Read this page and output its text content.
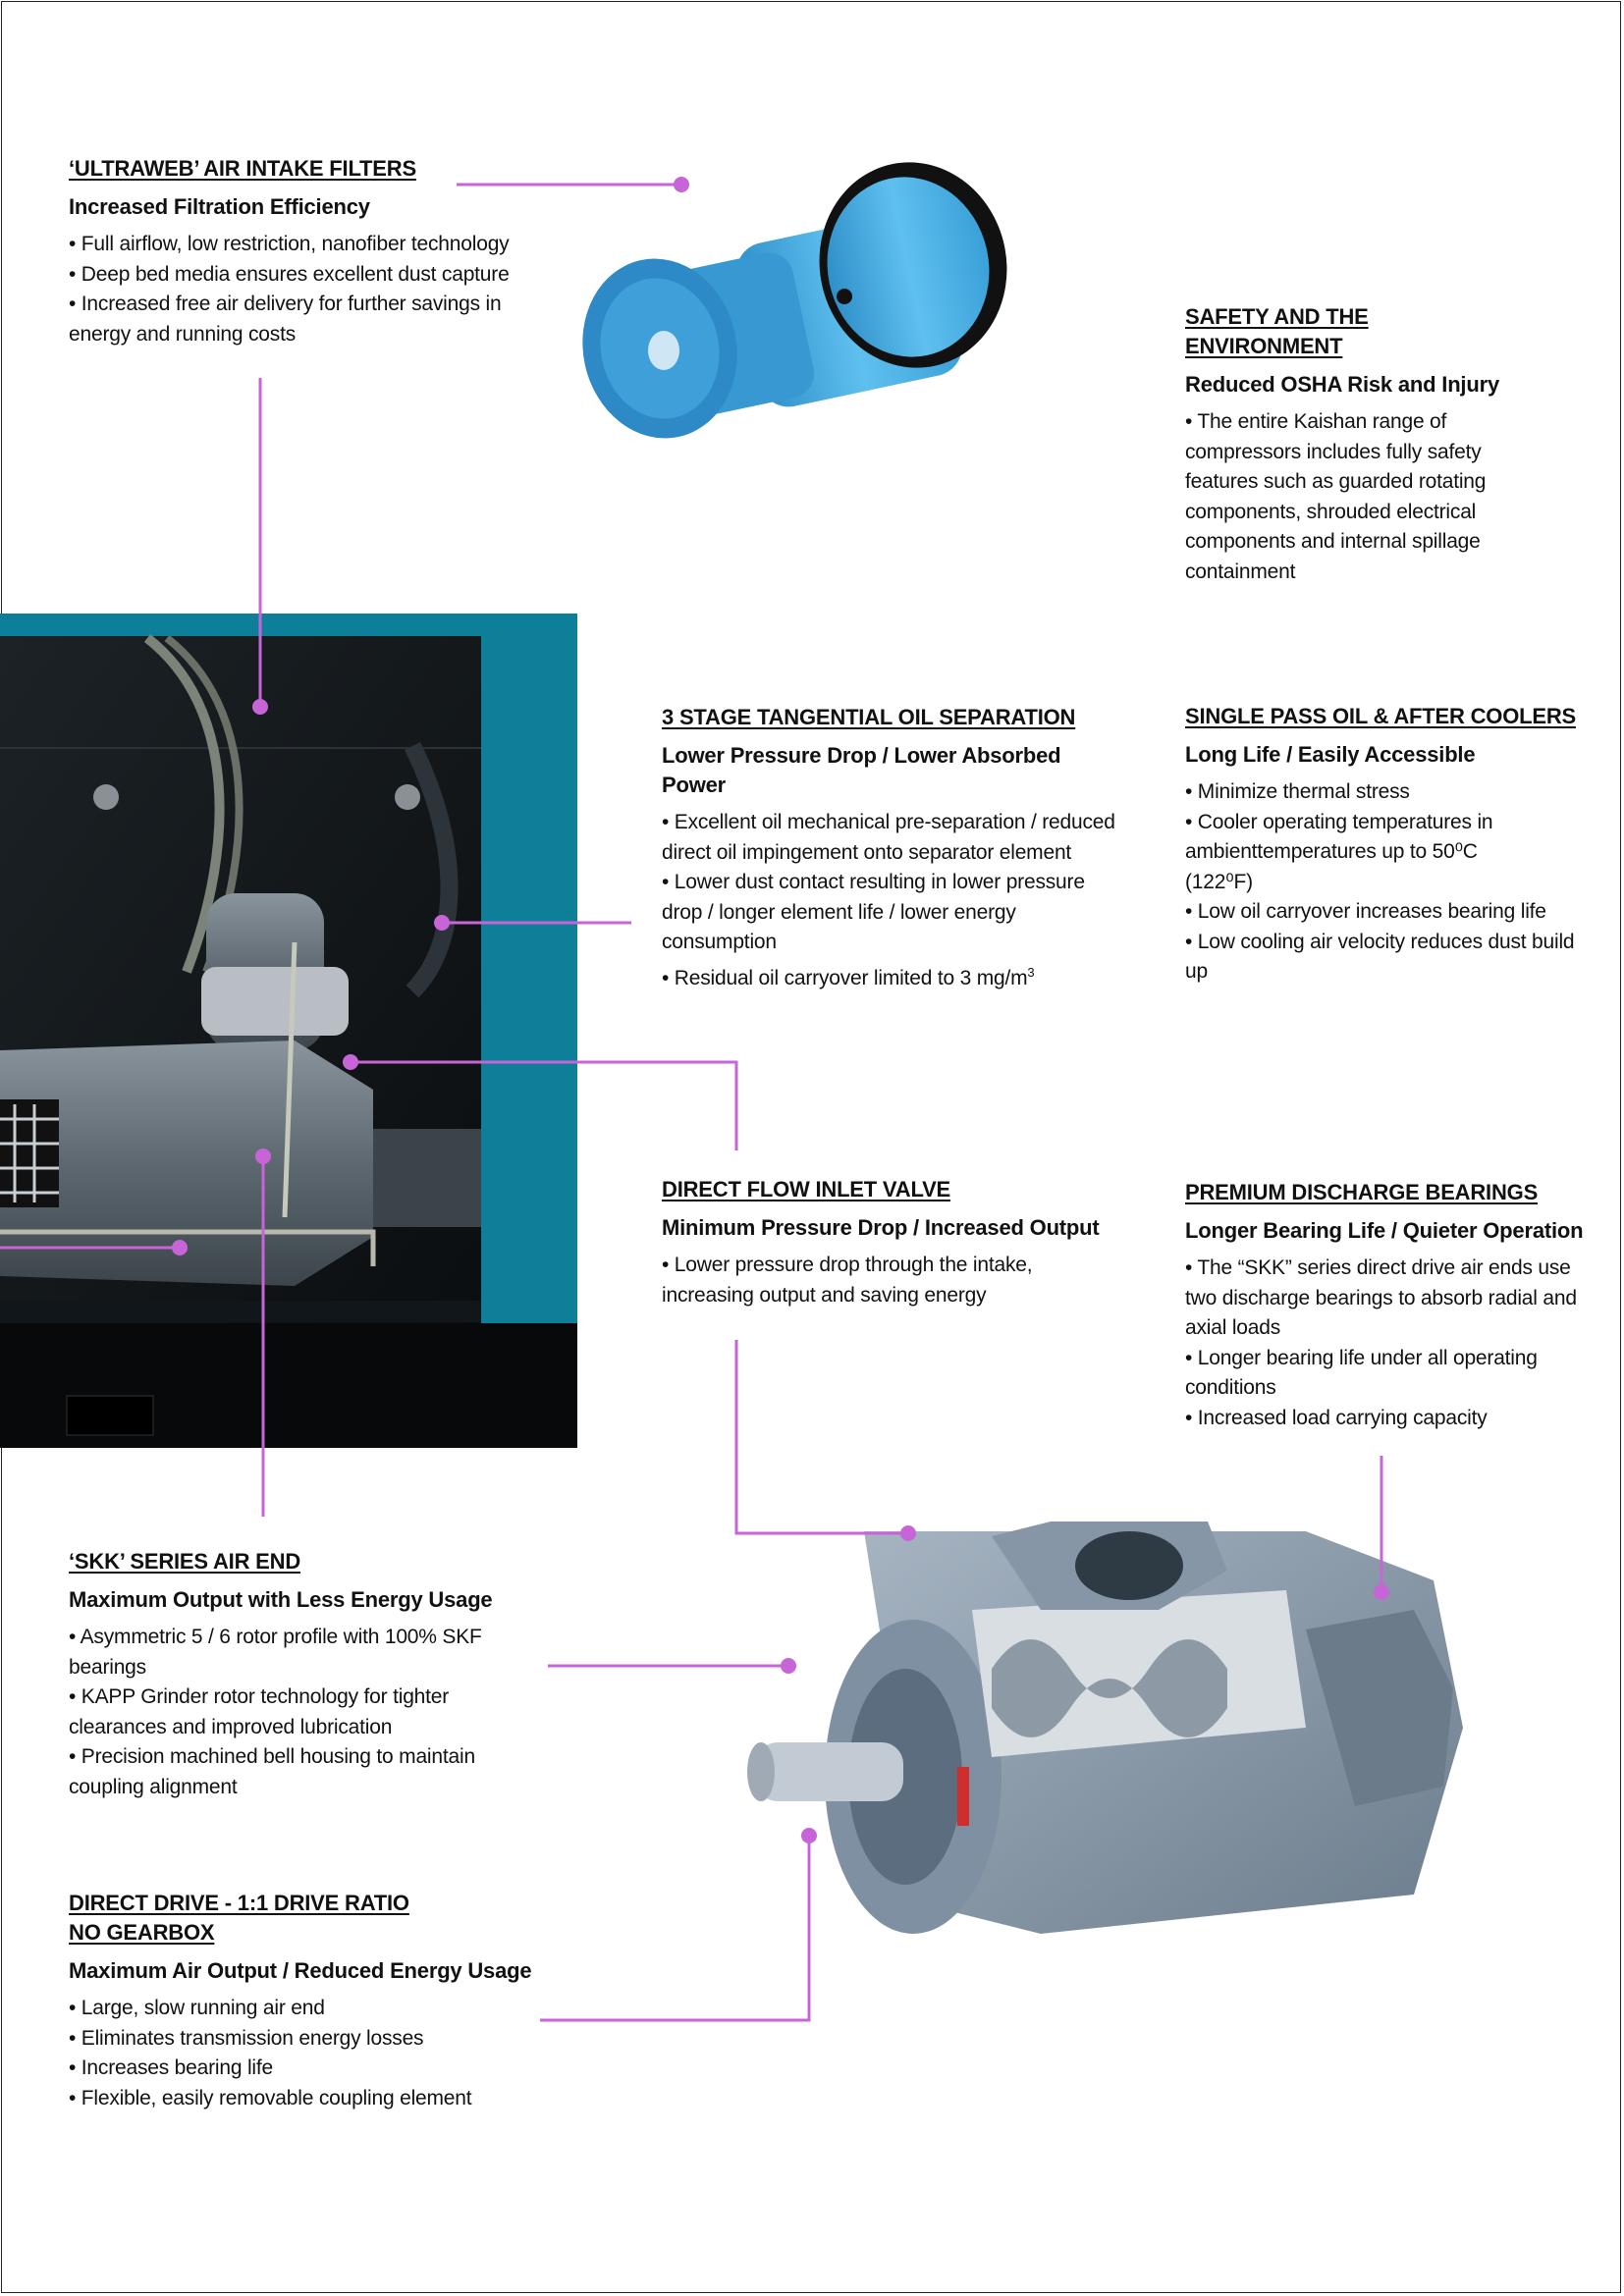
‘ULTRAWEB’ AIR INTAKE FILTERS

Increased Filtration Efficiency

• Full airflow, low restriction, nanofiber technology

• Deep bed media ensures excellent dust capture

• Increased free air delivery for further savings in energy and running costs

SAFETY AND THE ENVIRONMENT

Reduced OSHA Risk and Injury

• The entire Kaishan range of compressors includes fully safety features such as guarded rotating components, shrouded electrical components and internal spillage containment

3 STAGE TANGENTIAL OIL SEPARATION

Lower Pressure Drop / Lower Absorbed Power

• Excellent oil mechanical pre-separation / reduced direct oil impingement onto separator element

• Lower dust contact resulting in lower pressure drop / longer element life / lower energy consumption

• Residual oil carryover limited to 3 $mg/m^3$

SINGLE PASS OIL & AFTER COOLERS

Long Life / Easily Accessible

• Minimize thermal stress

• Cooler operating temperatures in ambienttemperatures up to 50⁰C (122⁰F)

• Low oil carryover increases bearing life

• Low cooling air velocity reduces dust build up

DIRECT FLOW INLET VALVE

Minimum Pressure Drop / Increased Output

• Lower pressure drop through the intake, increasing output and saving energy

PREMIUM DISCHARGE BEARINGS

Longer Bearing Life / Quieter Operation

• The “SKK” series direct drive air ends use two discharge bearings to absorb radial and axial loads

• Longer bearing life under all operating conditions

• Increased load carrying capacity

‘SKK’ SERIES AIR END

Maximum Output with Less Energy Usage

• Asymmetric 5 / 6 rotor profile with 100% SKF bearings

• KAPP Grinder rotor technology for tighter clearances and improved lubrication

• Precision machined bell housing to maintain coupling alignment

DIRECT DRIVE - 1:1 DRIVE RATIO

NO GEARBOX

Maximum Air Output / Reduced Energy Usage

• Large, slow running air end

• Eliminates transmission energy losses

• Increases bearing life

• Flexible, easily removable coupling element
